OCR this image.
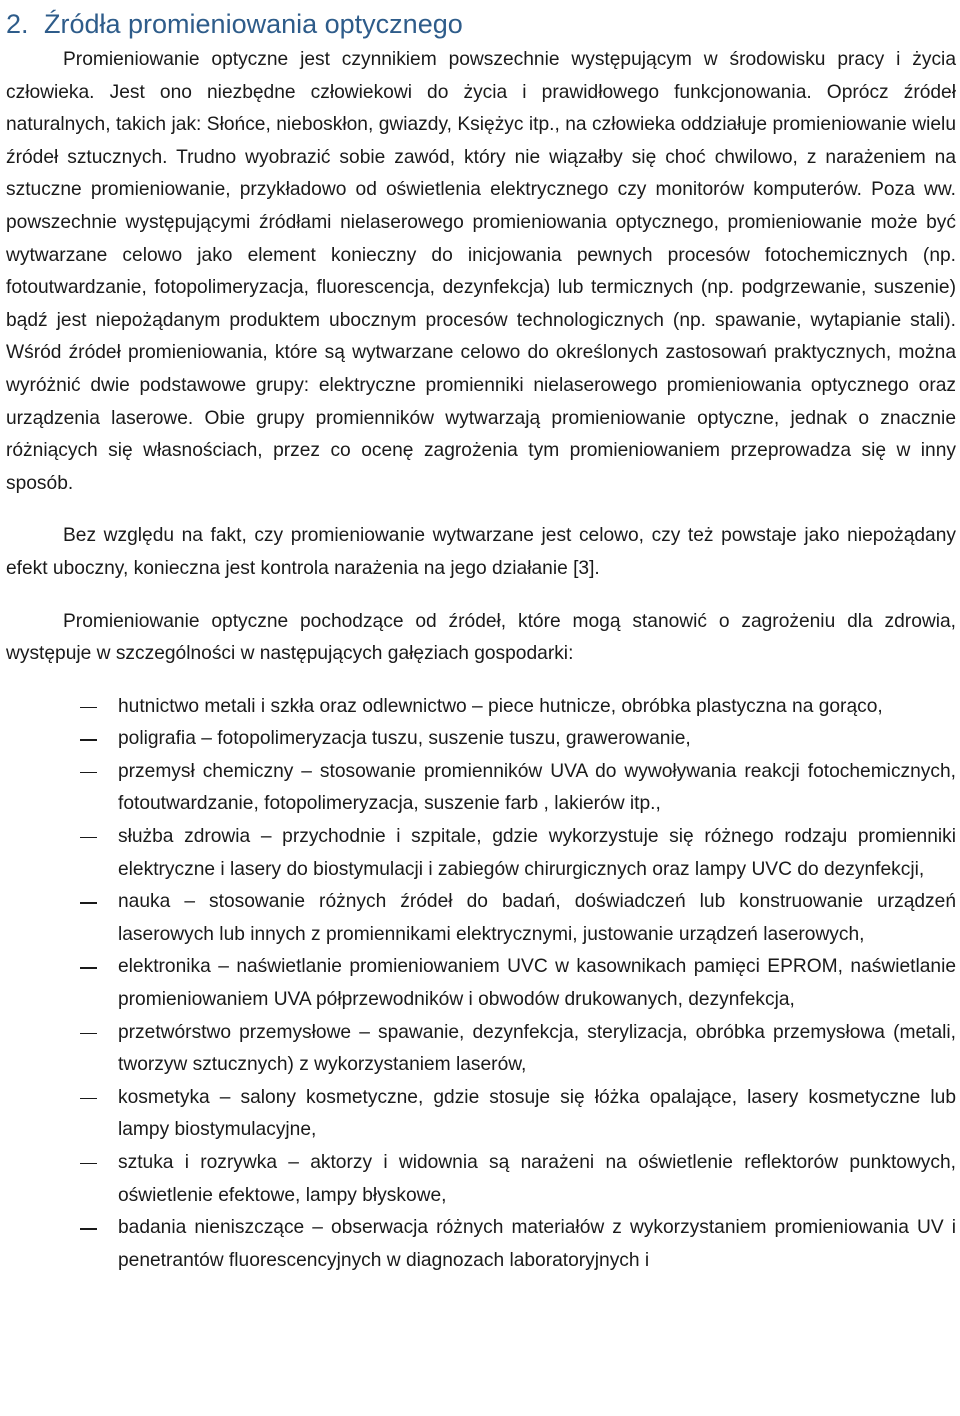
2. Źródła promieniowania optycznego

Promieniowanie optyczne jest czynnikiem powszechnie występującym w środowisku pracy i życia człowieka. Jest ono niezbędne człowiekowi do życia i prawidłowego funkcjonowania. Oprócz źródeł naturalnych, takich jak: Słońce, nieboskłon, gwiazdy, Księżyc itp., na człowieka oddziałuje promieniowanie wielu źródeł sztucznych. Trudno wyobrazić sobie zawód, który nie wiązałby się choć chwilowo, z narażeniem na sztuczne promieniowanie, przykładowo od oświetlenia elektrycznego czy monitorów komputerów. Poza ww. powszechnie występującymi źródłami nielaserowego promieniowania optycznego, promieniowanie może być wytwarzane celowo jako element konieczny do inicjowania pewnych procesów fotochemicznych (np. fotoutwardzanie, fotopolimeryzacja, fluorescencja, dezynfekcja) lub termicznych (np. podgrzewanie, suszenie) bądź jest niepożądanym produktem ubocznym procesów technologicznych (np. spawanie, wytapianie stali). Wśród źródeł promieniowania, które są wytwarzane celowo do określonych zastosowań praktycznych, można wyróżnić dwie podstawowe grupy: elektryczne promienniki nielaserowego promieniowania optycznego oraz urządzenia laserowe. Obie grupy promienników wytwarzają promieniowanie optyczne, jednak o znacznie różniących się własnościach, przez co ocenę zagrożenia tym promieniowaniem przeprowadza się w inny sposób.

Bez względu na fakt, czy promieniowanie wytwarzane jest celowo, czy też powstaje jako niepożądany efekt uboczny, konieczna jest kontrola narażenia na jego działanie [3].

Promieniowanie optyczne pochodzące od źródeł, które mogą stanowić o zagrożeniu dla zdrowia, występuje w szczególności w następujących gałęziach gospodarki:

hutnictwo metali i szkła oraz odlewnictwo – piece hutnicze, obróbka plastyczna na gorąco,
poligrafia – fotopolimeryzacja tuszu, suszenie tuszu, grawerowanie,
przemysł chemiczny – stosowanie promienników UVA do wywoływania reakcji fotochemicznych, fotoutwardzanie, fotopolimeryzacja, suszenie farb , lakierów itp.,
służba zdrowia – przychodnie i szpitale, gdzie wykorzystuje się różnego rodzaju promienniki elektryczne i lasery do biostymulacji i zabiegów chirurgicznych oraz lampy UVC do dezynfekcji,
nauka – stosowanie różnych źródeł do badań, doświadczeń lub konstruowanie urządzeń laserowych lub innych z promiennikami elektrycznymi, justowanie urządzeń laserowych,
elektronika – naświetlanie promieniowaniem UVC w kasownikach pamięci EPROM, naświetlanie promieniowaniem UVA półprzewodników i obwodów drukowanych, dezynfekcja,
przetwórstwo przemysłowe – spawanie, dezynfekcja, sterylizacja, obróbka przemysłowa (metali, tworzyw sztucznych) z wykorzystaniem laserów,
kosmetyka – salony kosmetyczne, gdzie stosuje się łóżka opalające, lasery kosmetyczne lub lampy biostymulacyjne,
sztuka i rozrywka – aktorzy i widownia są narażeni na oświetlenie reflektorów punktowych, oświetlenie efektowe, lampy błyskowe,
badania nieniszczące – obserwacja różnych materiałów z wykorzystaniem promieniowania UV i penetrantów fluorescencyjnych w diagnozach laboratoryjnych i
